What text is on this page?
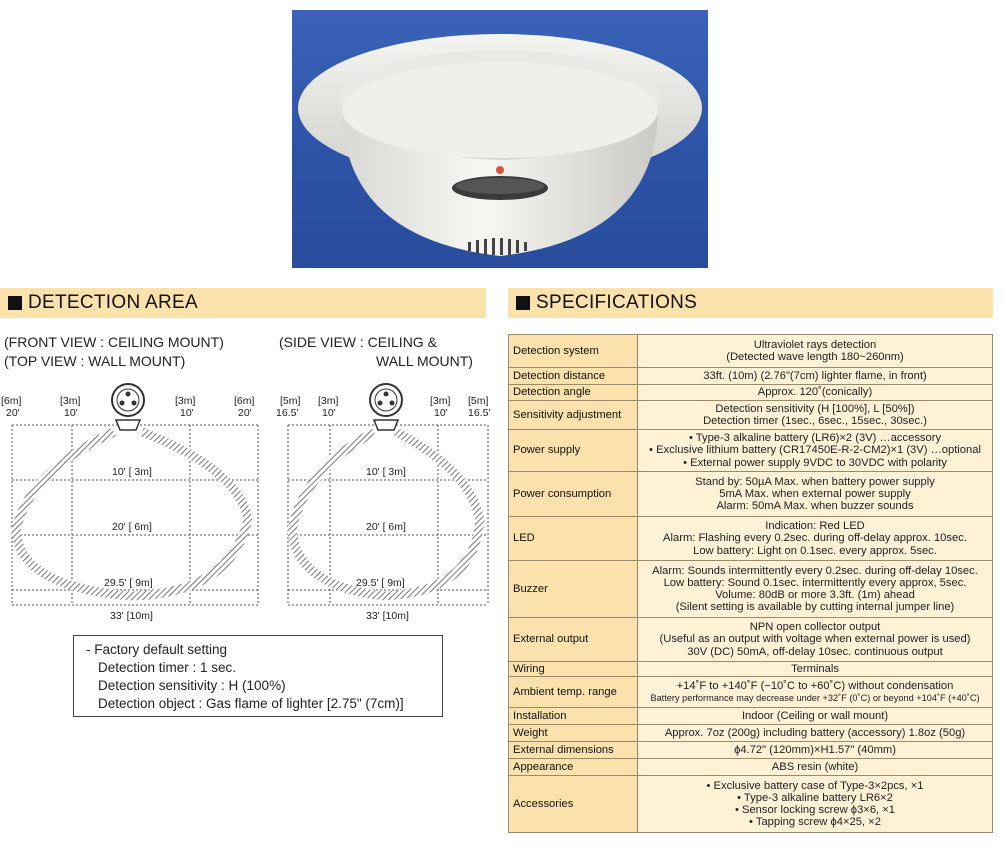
DETECTION AREA	SPECIFICATIONS
(FRONT VIEW : CEILING MOUNT)
(TOP VIEW : WALL MOUNT)
(SIDE VIEW : CEILING &
WALL MOUNT)
[6m]
20'
[3m]
10'
[3m]
10'
[6m]
20'
10' [ 3m]
20' [ 6m]
29.5' [ 9m]
33' [10m]
[5m]
16.5'
[3m]
10'
[3m]
10'
[5m]
16.5'
10' [ 3m]
20' [ 6m]
29.5' [ 9m]
33' [10m]
- Factory default setting
Detection timer : 1 sec.
Detection sensitivity : H (100%)
Detection object : Gas flame of lighter [2.75" (7cm)]
Detection system	Ultraviolet rays detection
(Detected wave length 180~260nm)

Detection distance	33ft. (10m) (2.76"(7cm) lighter flame, in front)

Detection angle	Approx. 120˚(conically)

Sensitivity adjustment	Detection sensitivity (H [100%], L [50%])
Detection timer (1sec., 6sec., 15sec., 30sec.)

Power supply	• Type-3 alkaline battery (LR6)×2 (3V) …accessory
• Exclusive lithium battery (CR17450E-R-2-CM2)×1 (3V) …optional
• External power supply 9VDC to 30VDC with polarity

Power consumption	Stand by: 50µA Max. when battery power supply
5mA Max. when external power supply
Alarm: 50mA Max. when buzzer sounds

LED	Indication: Red LED
Alarm: Flashing every 0.2sec. during off-delay approx. 10sec.
Low battery: Light on 0.1sec. every approx. 5sec.

Buzzer	Alarm: Sounds intermittently every 0.2sec. during off-delay 10sec.
Low battery: Sound 0.1sec. intermittently every approx, 5sec.
Volume: 80dB or more 3.3ft. (1m) ahead
(Silent setting is available by cutting internal jumper line)

External output	NPN open collector output
(Useful as an output with voltage when external power is used)
30V (DC) 50mA, off-delay 10sec. continuous output

Wiring	Terminals

Ambient temp. range	+14˚F to +140˚F (−10˚C to +60˚C) without condensation
Battery performance may decrease under +32˚F (0˚C) or beyond +104˚F (+40˚C)

Installation	Indoor (Ceiling or wall mount)

Weight	Approx. 7oz (200g) including battery (accessory) 1.8oz (50g)

External dimensions	ϕ4.72" (120mm)×H1.57" (40mm)

Appearance	ABS resin (white)

Accessories	• Exclusive battery case of Type-3×2pcs, ×1
• Type-3 alkaline battery LR6×2
• Sensor locking screw ϕ3×6, ×1
• Tapping screw ϕ4×25, ×2
